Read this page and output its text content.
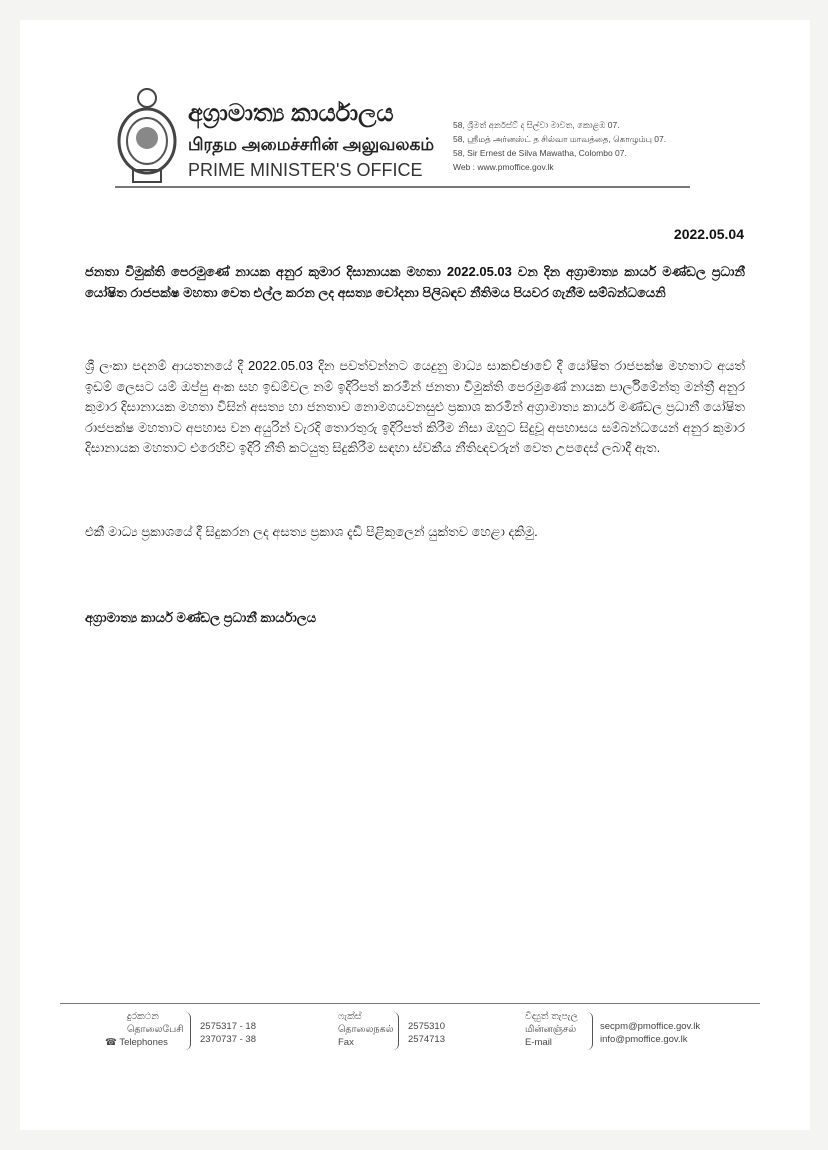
අග්‍රාමාත්‍ය කාර්යාලය
பிரதம அமைச்சரின் அலுவலகம்
PRIME MINISTER'S OFFICE
58, ශ්‍රීමත් අර්නස්ට් ද සිල්වා මාවත, කොළඹ 07.
58, ஸ்ரீமத் அர்னஸ்ட் த சில்வா மாவத்தை, கொழும்பு 07.
58, Sir Ernest de Silva Mawatha, Colombo 07.
Web : www.pmoffice.gov.lk
2022.05.04
ජනතා විමුක්ති පෙරමුණේ නායක අනුර කුමාර දිසානායක මහතා 2022.05.03 වන දින අග්‍රාමාත්‍ය කාර්ය මණ්ඩල ප්‍රධානී යෝෂිත රාජපක්ෂ මහතා වෙත එල්ල කරන ලද අසත්‍ය චෝදනා පිලිබඳව නීතිමය පියවර ගැනීම සම්බන්ධයෙනි
ශ්‍රී ලංකා පදනම් ආයතනයේ දී 2022.05.03 දින පවත්වන්නට යෙදුනු මාධ්‍ය සාකච්ඡාවේ දී යෝෂිත රාජපක්ෂ මහතාට අයත් ඉඩම් ලෙසට යම් ඔප්පු අංක සහ ඉඩම්වල නම් ඉදිරිපත් කරමින් ජනතා විමුක්ති පෙරමුණේ නායක පාර්ලිමේන්තු මන්ත්‍රී අනුර කුමාර දිසානායක මහතා විසින් අසත්‍ය හා ජනතාව නොමගයවනසුළු ප්‍රකාශ කරමින් අග්‍රාමාත්‍ය කාර්ය මණ්ඩල ප්‍රධානී යෝෂිත රාජපක්ෂ මහතාට අපහාස වන අයුරින් වැරදි තොරතුරු ඉදිරිපත් කිරීම නිසා ඔහුට සිදුවූ අපහාසය සම්බන්ධයෙන් අනුර කුමාර දිසානායක මහතාට එරෙහිව ඉදිරි නීති කටයුතු සිදුකිරීම සඳහා ස්වකීය නීතිඥවරුන් වෙත උපදෙස් ලබාදී ඇත.
එකී මාධ්‍ය ප්‍රකාශයේ දී සිදුකරන ලද අසත්‍ය ප්‍රකාශ දැඩි පිළිකුලෙන් යුක්තව හෙළා දකිමු.
අග්‍රාමාත්‍ය කාර්ය මණ්ඩල ප්‍රධානී කාර්යාලය
දුරකථන
தொலைபேசி
☎ Telephones
2575317 - 18
2370737 - 38
ෆැක්ස්
தொலைநகல்
Fax
2575310
2574713
විද්‍යුත් තැපැල
மின்னஞ்சல்
E-mail
secpm@pmoffice.gov.lk
info@pmoffice.gov.lk
